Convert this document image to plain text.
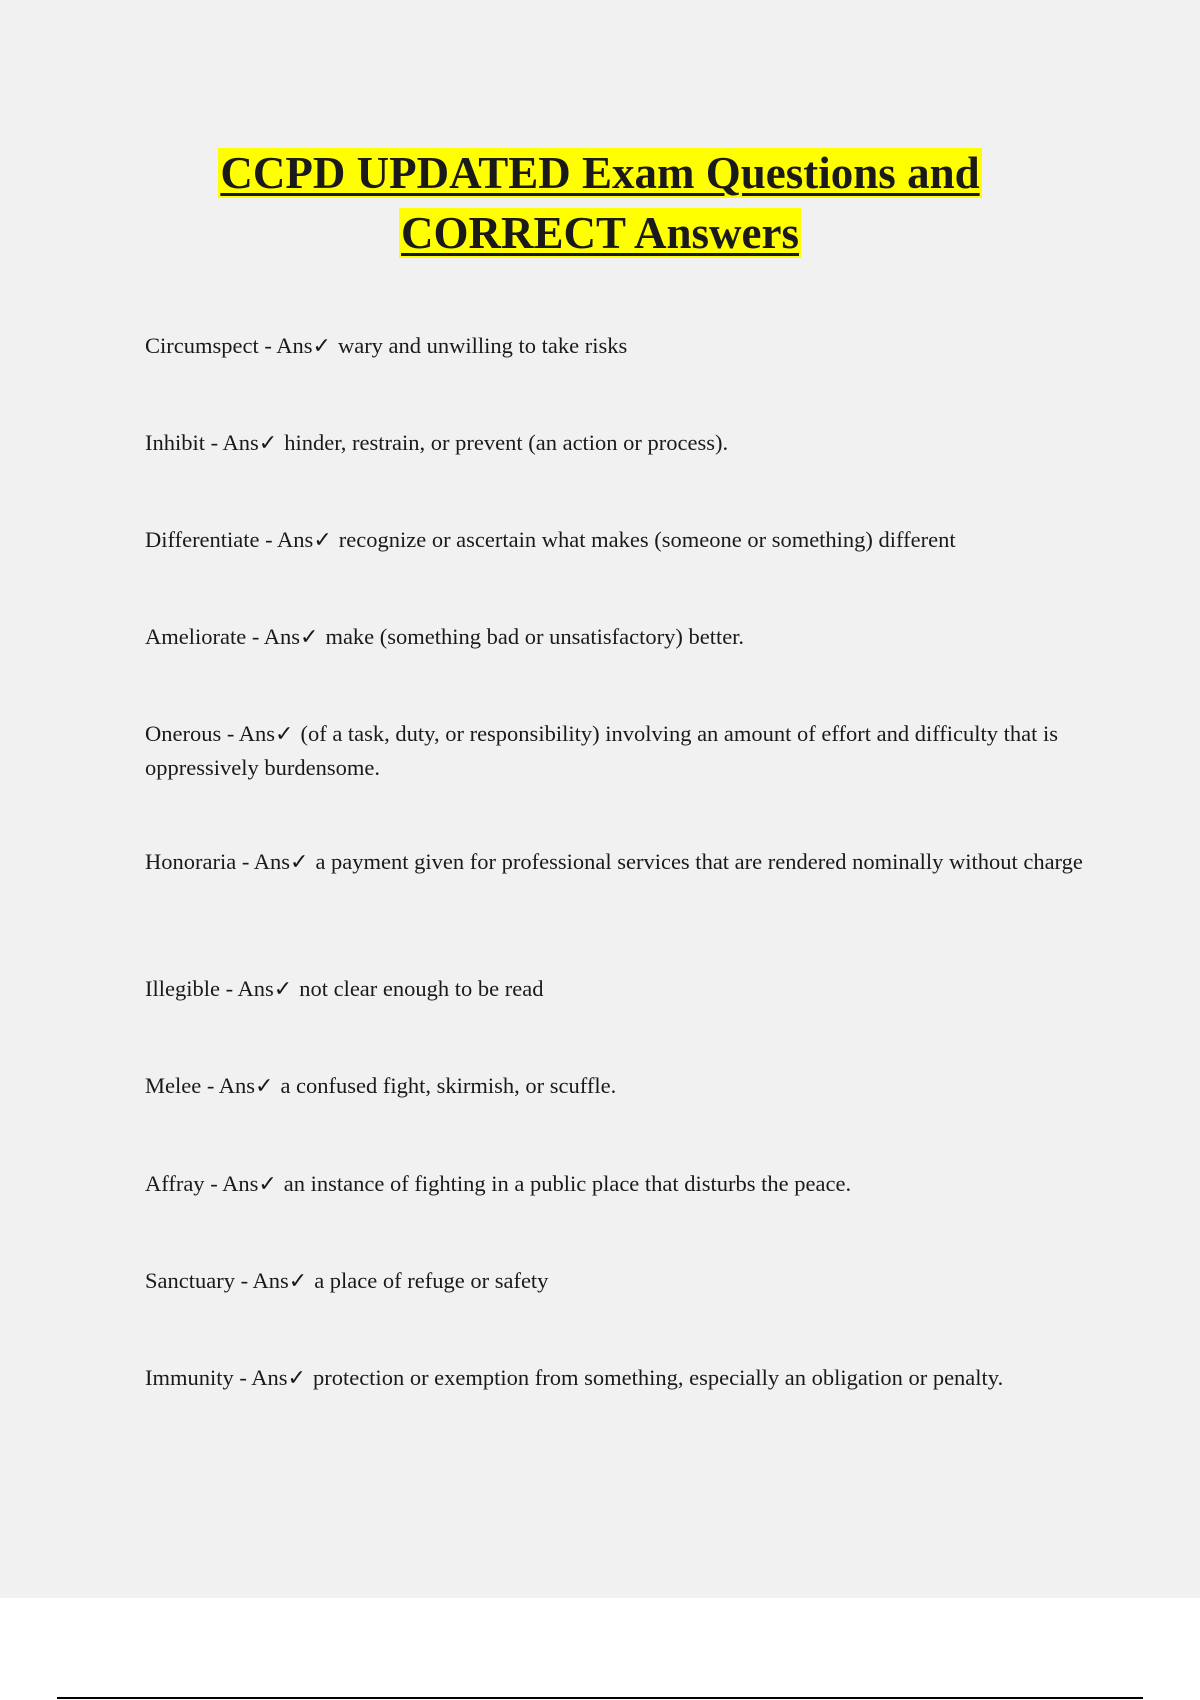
CCPD UPDATED Exam Questions and
CORRECT Answers

Circumspect - Ans✓ wary and unwilling to take risks

Inhibit - Ans✓ hinder, restrain, or prevent (an action or process).

Differentiate - Ans✓ recognize or ascertain what makes (someone or something) different

Ameliorate - Ans✓ make (something bad or unsatisfactory) better.

Onerous - Ans✓ (of a task, duty, or responsibility) involving an amount of effort and difficulty that is oppressively burdensome.

Honoraria - Ans✓ a payment given for professional services that are rendered nominally without charge

Illegible - Ans✓ not clear enough to be read

Melee - Ans✓ a confused fight, skirmish, or scuffle.

Affray - Ans✓ an instance of fighting in a public place that disturbs the peace.

Sanctuary - Ans✓ a place of refuge or safety

Immunity - Ans✓ protection or exemption from something, especially an obligation or penalty.
